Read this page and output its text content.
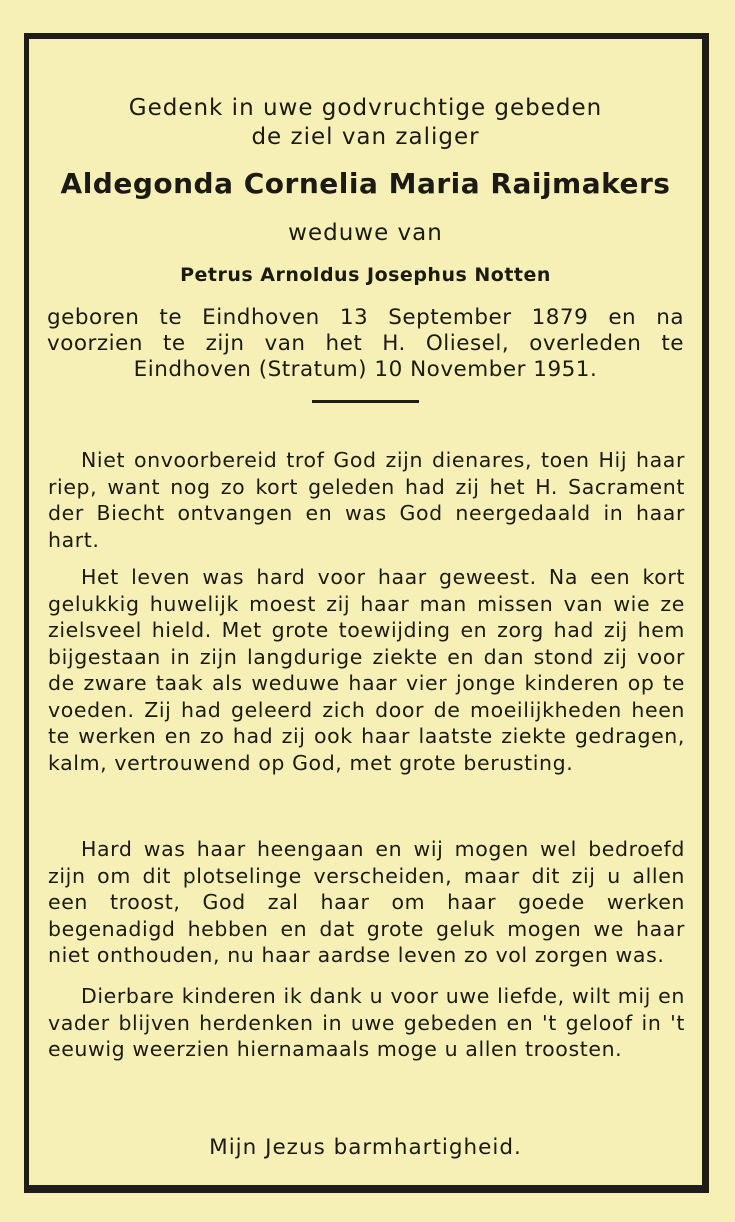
Gedenk in uwe godvruchtige gebeden
de ziel van zaliger
Aldegonda Cornelia Maria Raijmakers
weduwe van
Petrus Arnoldus Josephus Notten
geboren te Eindhoven 13 September 1879 en na voorzien te zijn van het H. Oliesel, overleden te Eindhoven (Stratum) 10 November 1951.
Niet onvoorbereid trof God zijn dienares, toen Hij haar riep, want nog zo kort geleden had zij het H. Sacrament der Biecht ontvangen en was God neergedaald in haar hart.
Het leven was hard voor haar geweest. Na een kort gelukkig huwelijk moest zij haar man missen van wie ze zielsveel hield. Met grote toewijding en zorg had zij hem bijgestaan in zijn langdurige ziekte en dan stond zij voor de zware taak als weduwe haar vier jonge kinderen op te voeden. Zij had geleerd zich door de moeilijkheden heen te werken en zo had zij ook haar laatste ziekte gedragen, kalm, vertrouwend op God, met grote berusting.
Hard was haar heengaan en wij mogen wel bedroefd zijn om dit plotselinge verscheiden, maar dit zij u allen een troost, God zal haar om haar goede werken begenadigd hebben en dat grote geluk mogen we haar niet onthouden, nu haar aardse leven zo vol zorgen was.
Dierbare kinderen ik dank u voor uwe liefde, wilt mij en vader blijven herdenken in uwe gebeden en 't geloof in 't eeuwig weerzien hiernamaals moge u allen troosten.
Mijn Jezus barmhartigheid.
